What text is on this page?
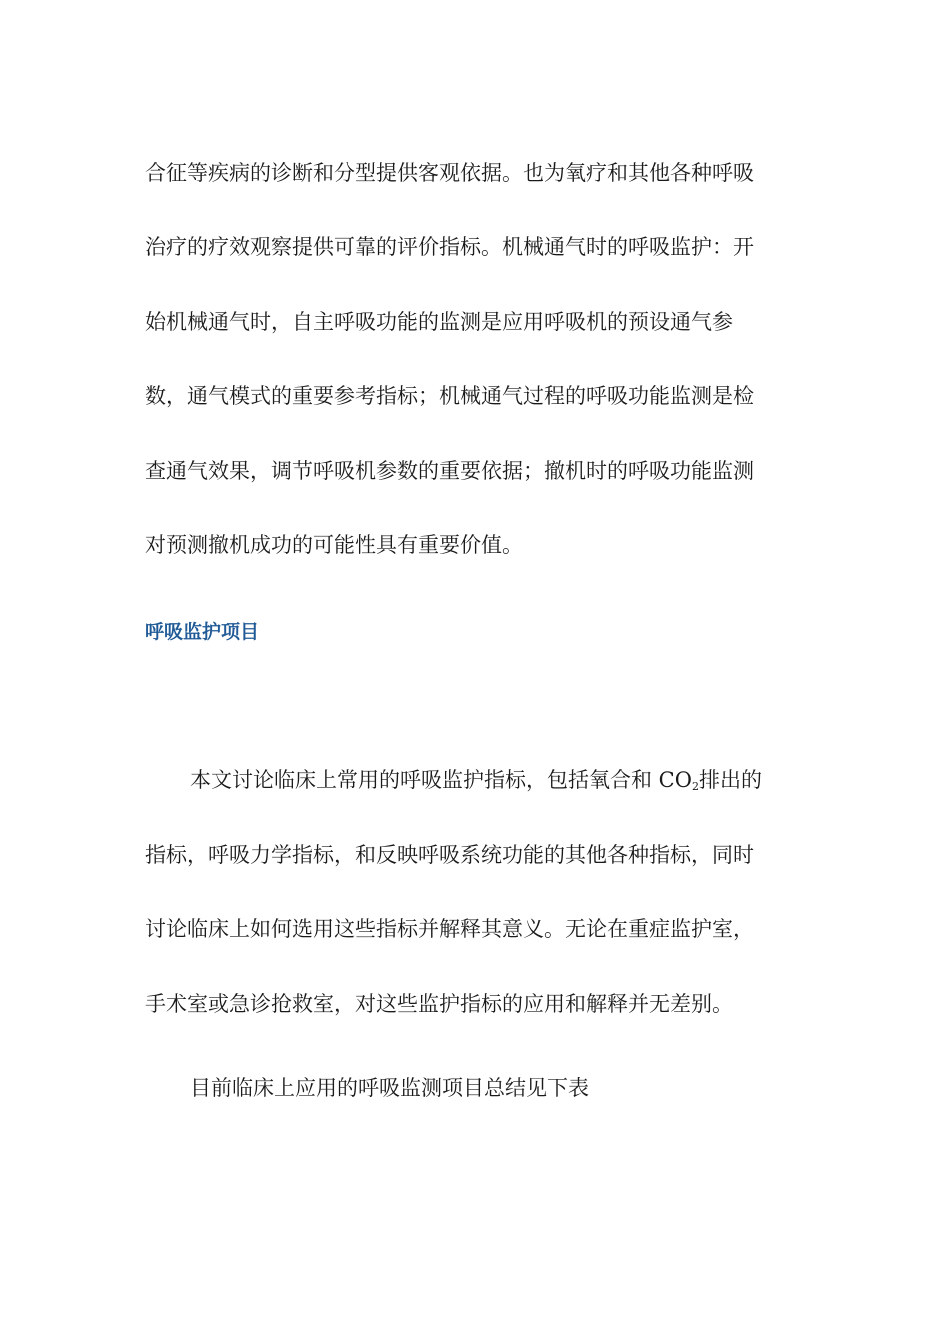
合征等疾病的诊断和分型提供客观依据。也为氧疗和其他各种呼吸
治疗的疗效观察提供可靠的评价指标。机械通气时的呼吸监护：开
始机械通气时，自主呼吸功能的监测是应用呼吸机的预设通气参
数，通气模式的重要参考指标；机械通气过程的呼吸功能监测是检
查通气效果，调节呼吸机参数的重要依据；撤机时的呼吸功能监测
对预测撤机成功的可能性具有重要价值。
呼吸监护项目
本文讨论临床上常用的呼吸监护指标，包括氧合和 $CO_2$排出的
指标，呼吸力学指标，和反映呼吸系统功能的其他各种指标，同时
讨论临床上如何选用这些指标并解释其意义。无论在重症监护室，
手术室或急诊抢救室，对这些监护指标的应用和解释并无差别。
目前临床上应用的呼吸监测项目总结见下表
